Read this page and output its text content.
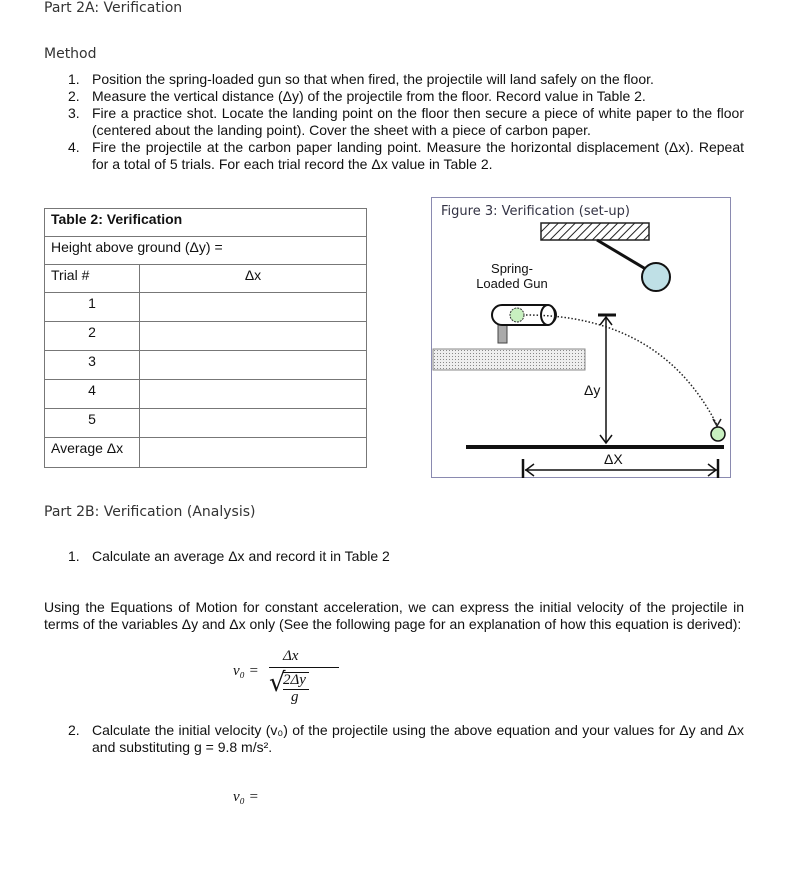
Part 2A: Verification
Method
1. Position the spring-loaded gun so that when fired, the projectile will land safely on the floor.
2. Measure the vertical distance (Δy) of the projectile from the floor. Record value in Table 2.
3. Fire a practice shot. Locate the landing point on the floor then secure a piece of white paper to the floor (centered about the landing point). Cover the sheet with a piece of carbon paper.
4. Fire the projectile at the carbon paper landing point. Measure the horizontal displacement (Δx). Repeat for a total of 5 trials. For each trial record the Δx value in Table 2.
Table 2: Verification	
Height above ground (Δy) =	
Trial #	Δx
1	
2	
3	
4	
5	
Average Δx	
Figure 3: Verification (set-up)
Spring-
Loaded Gun
Δy
ΔX
Part 2B: Verification (Analysis)
1. Calculate an average Δx and record it in Table 2
Using the Equations of Motion for constant acceleration, we can express the initial velocity of the projectile in terms of the variables Δy and Δx only (See the following page for an explanation of how this equation is derived):
v₀ =
Δx
√
2Δy
g
2. Calculate the initial velocity (v₀) of the projectile using the above equation and your values for Δy and Δx and substituting g = 9.8 m/s².
v₀ =
